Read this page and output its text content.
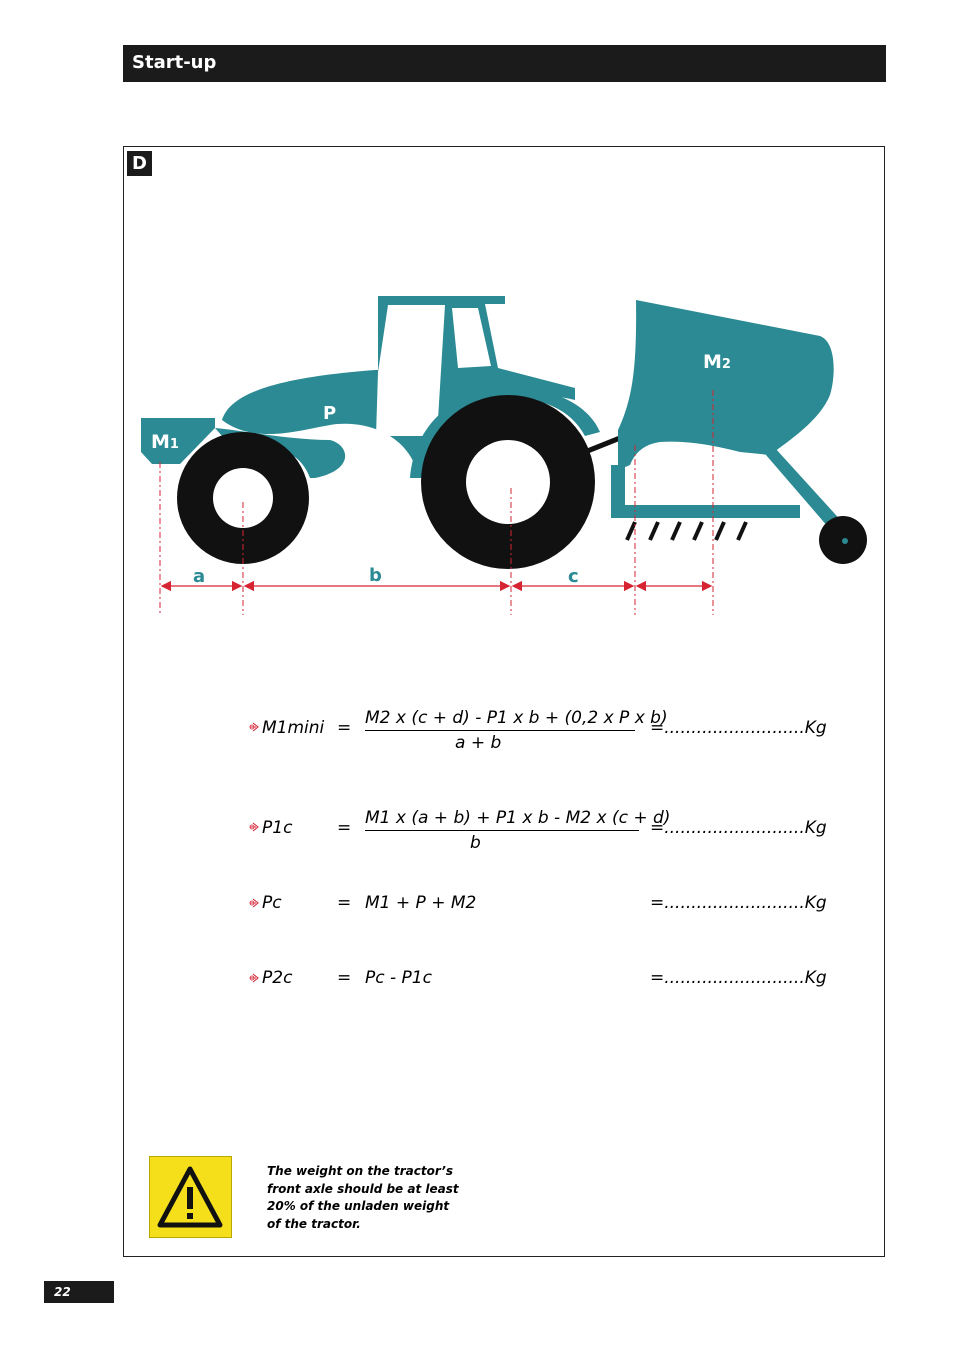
Start-up
D
M1
M2
P
a	b	c
M1mini = M2 x (c + d) - P1 x b + (0,2 x P x b)
a + b
=..........................Kg
P1c	= M1 x (a + b) + P1 x b - M2 x (c + d)
b
=..........................Kg
Pc	= M1 + P + M2	=..........................Kg
P2c	= Pc - P1c	=..........................Kg
The weight on the tractor’s
front axle should be at least
20% of the unladen weight
of the tractor.
22
